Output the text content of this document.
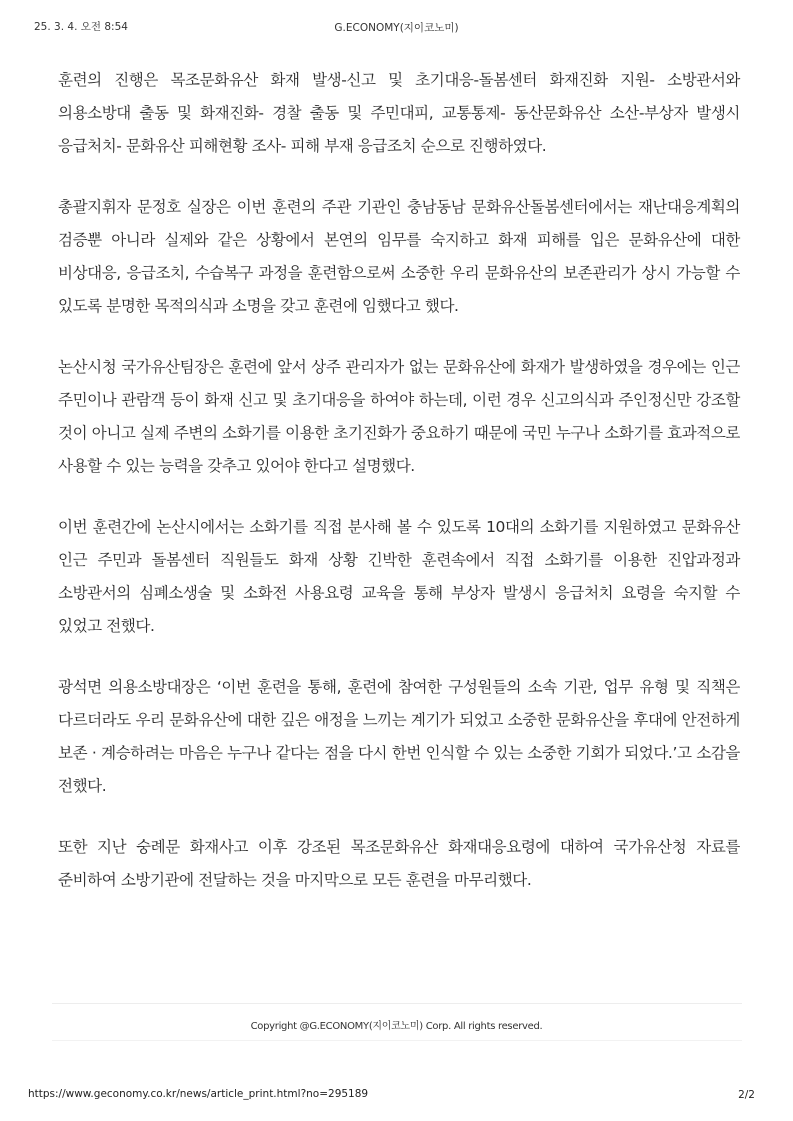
25. 3. 4. 오전 8:54	G.ECONOMY(지이코노미)

훈련의 진행은 목조문화유산 화재 발생-신고 및 초기대응-돌봄센터 화재진화 지원- 소방관서와 의용소방대 출동 및 화재진화- 경찰 출동 및 주민대피, 교통통제- 동산문화유산 소산-부상자 발생시 응급처치- 문화유산 피해현황 조사- 피해 부재 응급조치 순으로 진행하였다.

총괄지휘자 문정호 실장은 이번 훈련의 주관 기관인 충남동남 문화유산돌봄센터에서는 재난대응계획의 검증뿐 아니라 실제와 같은 상황에서 본연의 임무를 숙지하고 화재 피해를 입은 문화유산에 대한 비상대응, 응급조치, 수습복구 과정을 훈련함으로써 소중한 우리 문화유산의 보존관리가 상시 가능할 수 있도록 분명한 목적의식과 소명을 갖고 훈련에 임했다고 했다.

논산시청 국가유산팀장은 훈련에 앞서 상주 관리자가 없는 문화유산에 화재가 발생하였을 경우에는 인근 주민이나 관람객 등이 화재 신고 및 초기대응을 하여야 하는데, 이런 경우 신고의식과 주인정신만 강조할 것이 아니고 실제 주변의 소화기를 이용한 초기진화가 중요하기 때문에 국민 누구나 소화기를 효과적으로 사용할 수 있는 능력을 갖추고 있어야 한다고 설명했다.

이번 훈련간에 논산시에서는 소화기를 직접 분사해 볼 수 있도록 10대의 소화기를 지원하였고 문화유산 인근 주민과 돌봄센터 직원들도 화재 상황 긴박한 훈련속에서 직접 소화기를 이용한 진압과정과 소방관서의 심폐소생술 및 소화전 사용요령 교육을 통해 부상자 발생시 응급처치 요령을 숙지할 수 있었고 전했다.

광석면 의용소방대장은 ‘이번 훈련을 통해, 훈련에 참여한 구성원들의 소속 기관, 업무 유형 및 직책은 다르더라도 우리 문화유산에 대한 깊은 애정을 느끼는 계기가 되었고 소중한 문화유산을 후대에 안전하게 보존 · 계승하려는 마음은 누구나 같다는 점을 다시 한번 인식할 수 있는 소중한 기회가 되었다.’고 소감을 전했다.

또한 지난 숭례문 화재사고 이후 강조된 목조문화유산 화재대응요령에 대하여 국가유산청 자료를 준비하여 소방기관에 전달하는 것을 마지막으로 모든 훈련을 마무리했다.

Copyright @G.ECONOMY(지이코노미) Corp. All rights reserved.
https://www.geconomy.co.kr/news/article_print.html?no=295189	2/2
